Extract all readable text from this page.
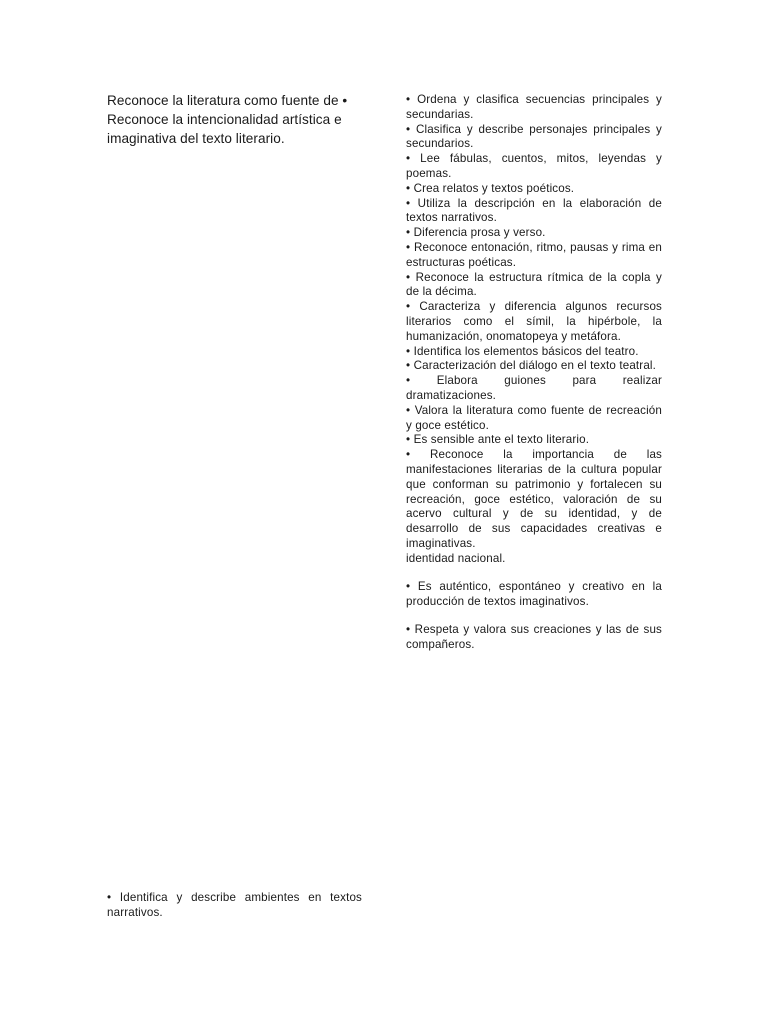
Reconoce la literatura como fuente de • Reconoce la intencionalidad artística e imaginativa del texto literario.
• Ordena y clasifica secuencias principales y secundarias.
• Clasifica y describe personajes principales y secundarios.
• Lee fábulas, cuentos, mitos, leyendas y poemas.
• Crea relatos y textos poéticos.
• Utiliza la descripción en la elaboración de textos narrativos.
• Diferencia prosa y verso.
• Reconoce entonación, ritmo, pausas y rima en estructuras poéticas.
• Reconoce la estructura rítmica de la copla y de la décima.
• Caracteriza y diferencia algunos recursos literarios como el símil, la hipérbole, la humanización, onomatopeya y metáfora.
• Identifica los elementos básicos del teatro.
• Caracterización del diálogo en el texto teatral.
• Elabora guiones para realizar dramatizaciones.
• Valora la literatura como fuente de recreación y goce estético.
• Es sensible ante el texto literario.
• Reconoce la importancia de las manifestaciones literarias de la cultura popular que conforman su patrimonio y fortalecen su recreación, goce estético, valoración de su acervo cultural y de su identidad, y de desarrollo de sus capacidades creativas e imaginativas.
identidad nacional.
• Es auténtico, espontáneo y creativo en la producción de textos imaginativos.
• Respeta y valora sus creaciones y las de sus compañeros.
• Identifica y describe ambientes en textos narrativos.
